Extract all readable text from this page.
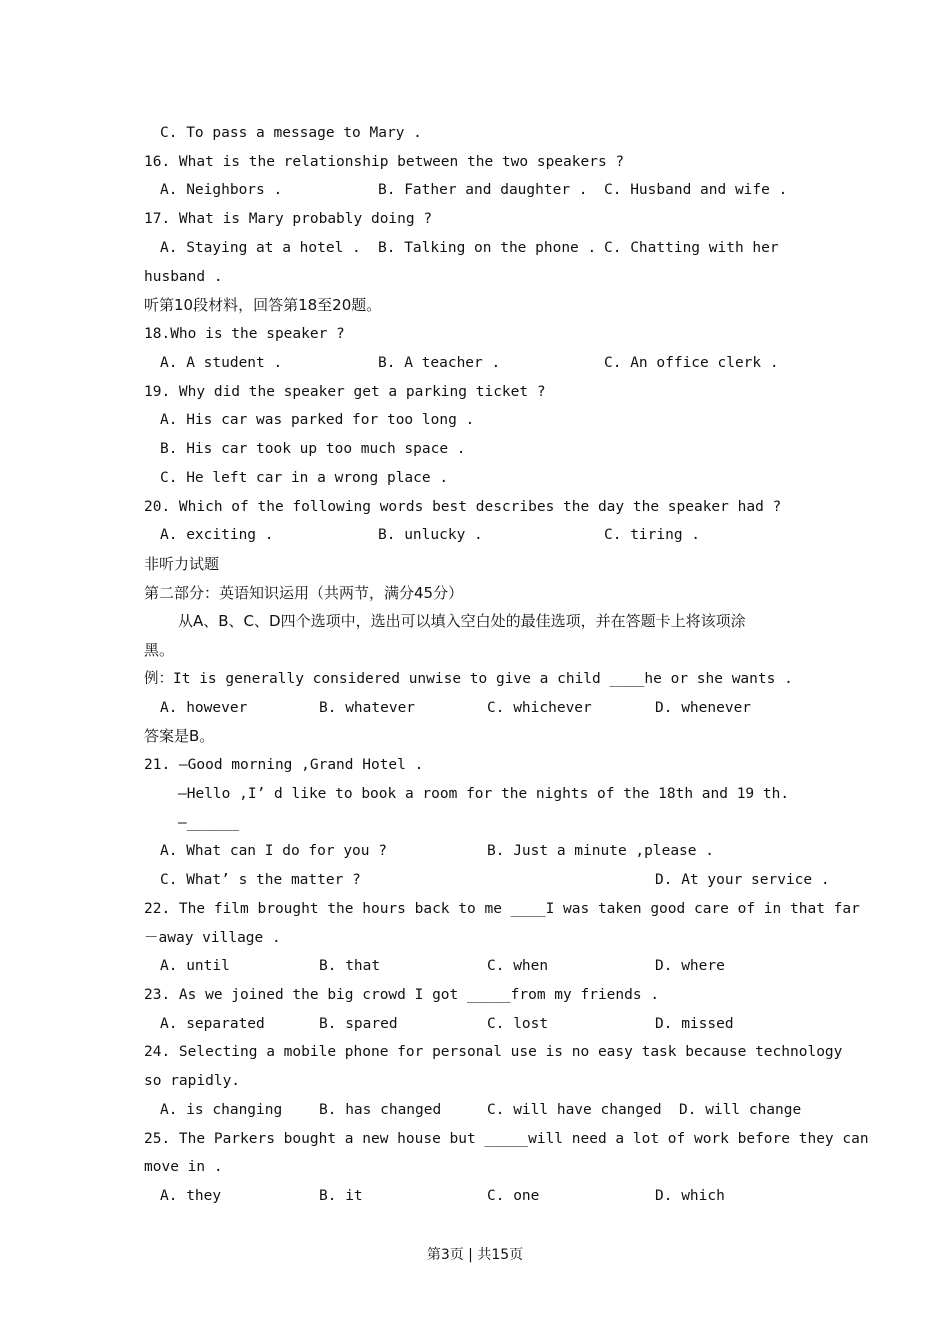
C. To pass a message to Mary .
16. What is the relationship between the two speakers ?
A. Neighbors .	B. Father and daughter . C. Husband and wife .
17. What is Mary probably doing ?
A. Staying at a hotel . B. Talking on the phone . C. Chatting with her
husband .
听第10段材料，回答第18至20题。
18.Who is the speaker ?
A. A student .	B. A teacher .	C. An office clerk .
19. Why did the speaker get a parking ticket ?
A. His car was parked for too long .
B. His car took up too much space .
C. He left car in a wrong place .
20. Which of the following words best describes the day the speaker had ?
A. exciting .	B. unlucky .	C. tiring .
非听力试题
第二部分：英语知识运用（共两节，满分45分）
从A、B、C、D四个选项中，选出可以填入空白处的最佳选项，并在答题卡上将该项涂
黑。
例：It is generally considered unwise to give a child ____he or she wants .
A. however	B. whatever	C. whichever	D. whenever
答案是B。
21. —Good morning ,Grand Hotel .
—Hello ,I’ d like to book a room for the nights of the 18th and 19 th.
—______
A. What can I do for you ?	B. Just a minute ,please .
C. What’ s the matter ?	D. At your service .
22. The film brought the hours back to me ____I was taken good care of in that far
－away village .
A. until	B. that	C. when	D. where
23. As we joined the big crowd I got _____from my friends .
A. separated	B. spared	C. lost	D. missed
24. Selecting a mobile phone for personal use is no easy task because technology
so rapidly.
A. is changing	B. has changed	C. will have changed D. will change
25. The Parkers bought a new house but _____will need a lot of work before they can
move in .
A. they	B. it	C. one	D. which
第3页 | 共15页
